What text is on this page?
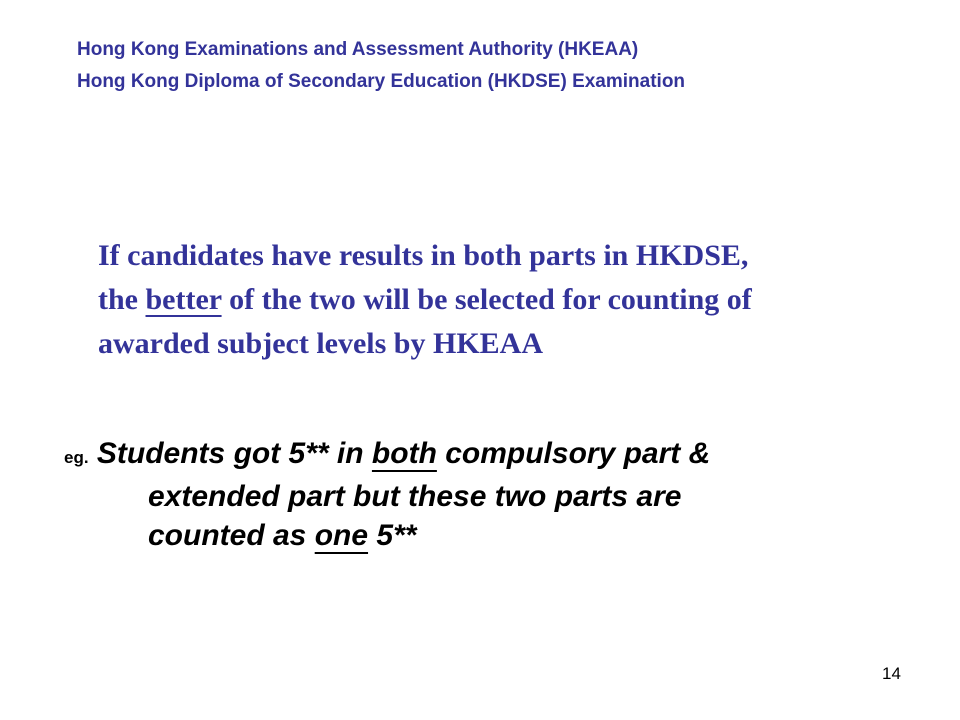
Hong Kong Examinations and Assessment Authority (HKEAA)
Hong Kong Diploma of Secondary Education (HKDSE) Examination
If candidates have results in both parts in HKDSE,
the better of the two will be selected for counting of
awarded subject levels by HKEAA
eg. Students got 5** in both compulsory part &
extended part but these two parts are
counted as one 5**
14
